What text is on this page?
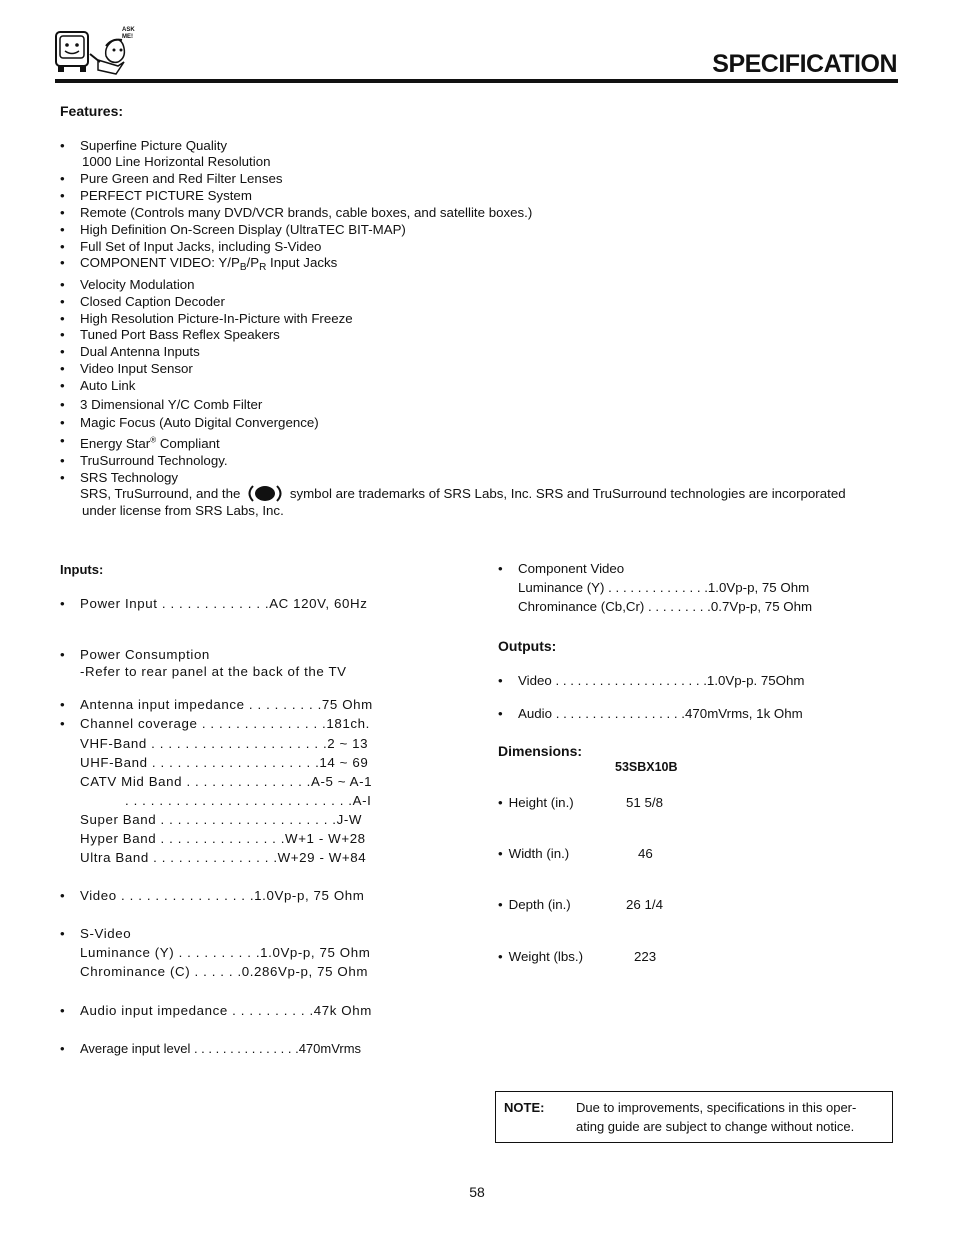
ASK ME!
SPECIFICATION
Features:
• Superfine Picture Quality
1000 Line Horizontal Resolution
• Pure Green and Red Filter Lenses
• PERFECT PICTURE System
• Remote (Controls many DVD/VCR brands, cable boxes, and satellite boxes.)
• High Definition On-Screen Display (UltraTEC BIT-MAP)
• Full Set of Input Jacks, including S-Video
• COMPONENT VIDEO: $Y/P_B/P_R$ Input Jacks
• Velocity Modulation
• Closed Caption Decoder
• High Resolution Picture-In-Picture with Freeze
• Tuned Port Bass Reflex Speakers
• Dual Antenna Inputs
• Video Input Sensor
• Auto Link
• 3 Dimensional Y/C Comb Filter
• Magic Focus (Auto Digital Convergence)
• Energy Star® Compliant
• TruSurround Technology.
• SRS Technology
SRS, TruSurround, and the	symbol are trademarks of SRS Labs, Inc. SRS and TruSurround technologies are incorporated
under license from SRS Labs, Inc.
Inputs:
• Power Input . . . . . . . . . . . . .AC 120V, 60Hz
• Power Consumption
-Refer to rear panel at the back of the TV
• Antenna input impedance . . . . . . . . .75 Ohm
• Channel coverage . . . . . . . . . . . . . . .181ch.
VHF-Band . . . . . . . . . . . . . . . . . . . . .2 ~ 13
UHF-Band . . . . . . . . . . . . . . . . . . . .14 ~ 69
CATV Mid Band . . . . . . . . . . . . . . .A-5 ~ A-1
. . . . . . . . . . . . . . . . . . . . . . . . . . .A-I
Super Band . . . . . . . . . . . . . . . . . . . . .J-W
Hyper Band . . . . . . . . . . . . . . .W+1 - W+28
Ultra Band . . . . . . . . . . . . . . .W+29 - W+84
• Video . . . . . . . . . . . . . . . .1.0Vp-p, 75 Ohm
• S-Video
Luminance (Y) . . . . . . . . . .1.0Vp-p, 75 Ohm
Chrominance (C) . . . . . .0.286Vp-p, 75 Ohm
• Audio input impedance . . . . . . . . . .47k Ohm
• Average input level . . . . . . . . . . . . . . .470mVrms
• Component Video
Luminance (Y) . . . . . . . . . . . . . .1.0Vp-p, 75 Ohm
Chrominance (Cb,Cr) . . . . . . . . .0.7Vp-p, 75 Ohm
Outputs:
• Video . . . . . . . . . . . . . . . . . . . . .1.0Vp-p. 75Ohm
• Audio . . . . . . . . . . . . . . . . . .470mVrms, 1k Ohm
Dimensions:
53SBX10B
• Height (in.)	51 5/8
• Width (in.)	46
• Depth (in.)	26 1/4
• Weight (lbs.)	223
NOTE: Due to improvements, specifications in this oper-
ating guide are subject to change without notice.
58
